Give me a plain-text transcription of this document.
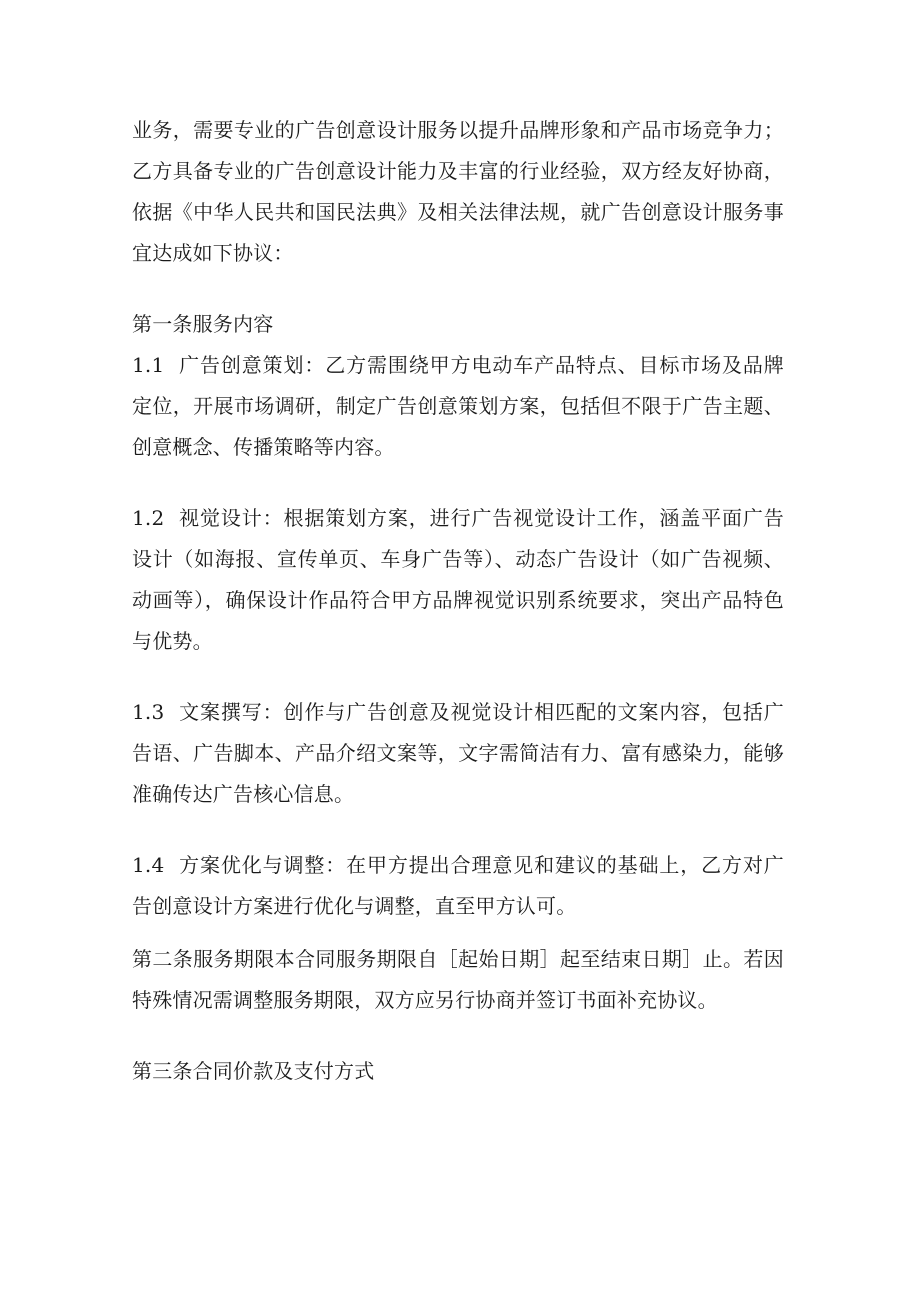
业务，需要专业的广告创意设计服务以提升品牌形象和产品市场竞争力；乙方具备专业的广告创意设计能力及丰富的行业经验，双方经友好协商，依据《中华人民共和国民法典》及相关法律法规，就广告创意设计服务事宜达成如下协议：

第一条服务内容

1.1 广告创意策划：乙方需围绕甲方电动车产品特点、目标市场及品牌定位，开展市场调研，制定广告创意策划方案，包括但不限于广告主题、创意概念、传播策略等内容。

1.2 视觉设计：根据策划方案，进行广告视觉设计工作，涵盖平面广告设计（如海报、宣传单页、车身广告等）、动态广告设计（如广告视频、动画等），确保设计作品符合甲方品牌视觉识别系统要求，突出产品特色与优势。

1.3 文案撰写：创作与广告创意及视觉设计相匹配的文案内容，包括广告语、广告脚本、产品介绍文案等，文字需简洁有力、富有感染力，能够准确传达广告核心信息。

1.4 方案优化与调整：在甲方提出合理意见和建议的基础上，乙方对广告创意设计方案进行优化与调整，直至甲方认可。

第二条服务期限本合同服务期限自［起始日期］起至结束日期］止。若因特殊情况需调整服务期限，双方应另行协商并签订书面补充协议。

第三条合同价款及支付方式
